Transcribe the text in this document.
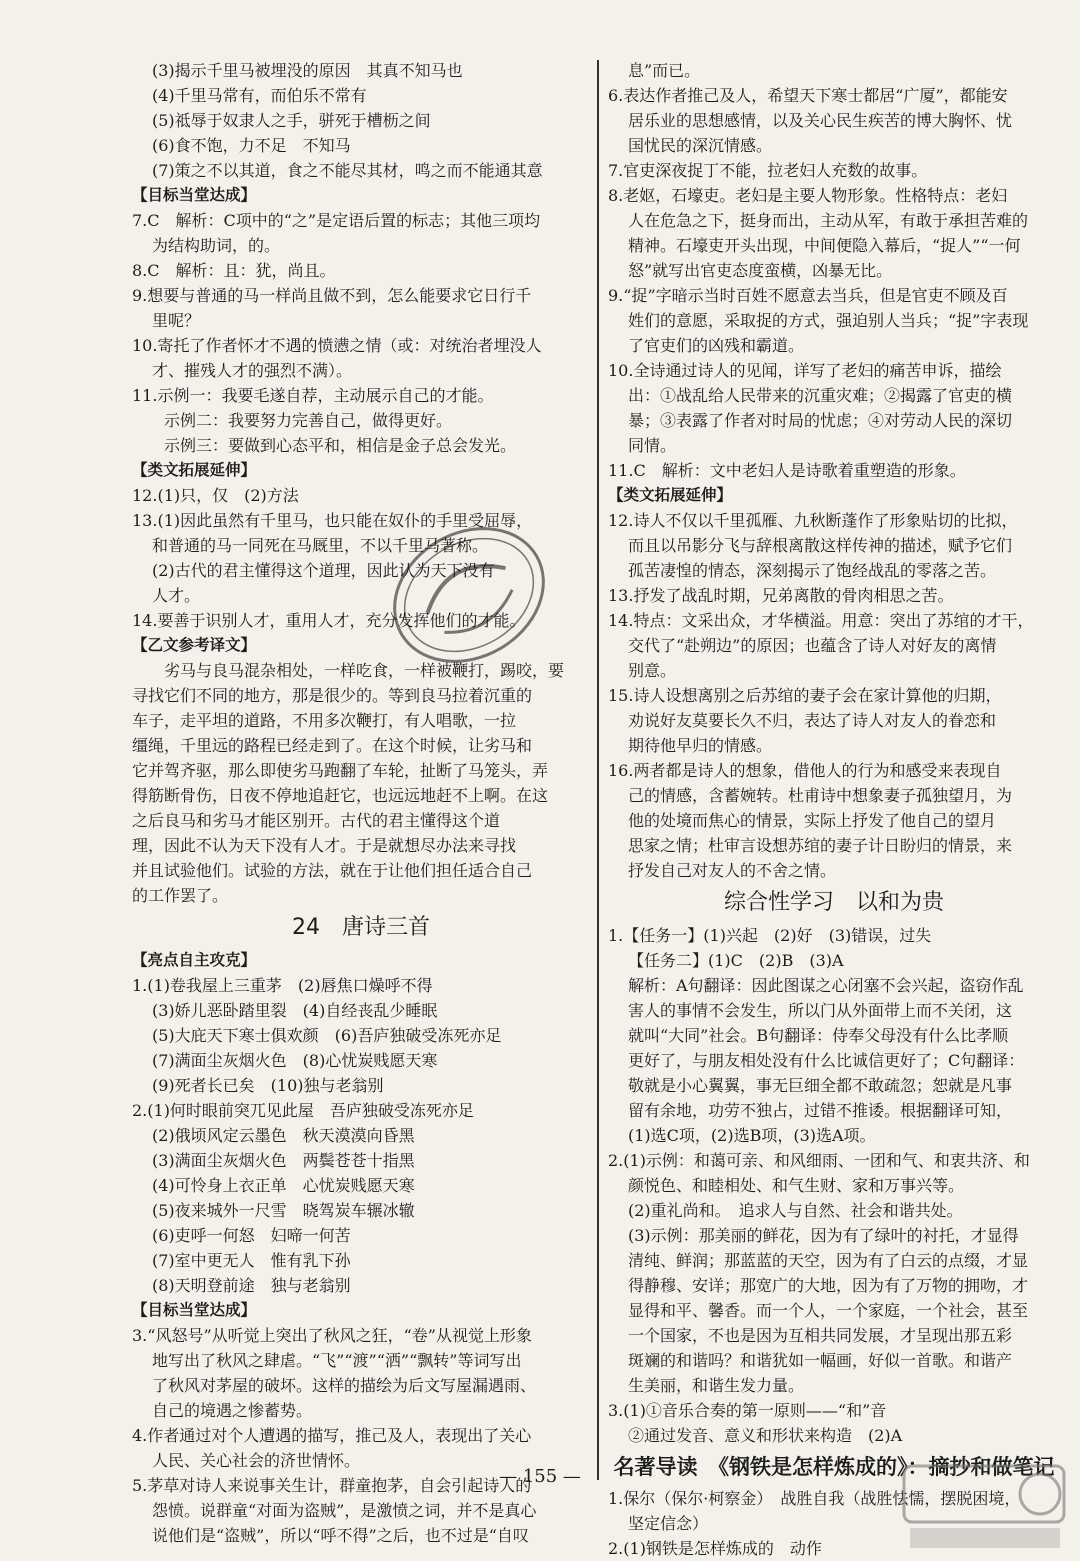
(3)揭示千里马被埋没的原因　其真不知马也
(4)千里马常有，而伯乐不常有
(5)祗辱于奴隶人之手，骈死于槽枥之间
(6)食不饱，力不足　不知马
(7)策之不以其道，食之不能尽其材，鸣之而不能通其意
【目标当堂达成】
7.C　解析：C项中的“之”是定语后置的标志；其他三项均
为结构助词，的。
8.C　解析：且：犹，尚且。
9.想要与普通的马一样尚且做不到，怎么能要求它日行千
里呢？
10.寄托了作者怀才不遇的愤懑之情（或：对统治者埋没人
才、摧残人才的强烈不满）。
11.示例一：我要毛遂自荐，主动展示自己的才能。
示例二：我要努力完善自己，做得更好。
示例三：要做到心态平和，相信是金子总会发光。
【类文拓展延伸】
12.(1)只，仅　(2)方法
13.(1)因此虽然有千里马，也只能在奴仆的手里受屈辱，
和普通的马一同死在马厩里，不以千里马著称。
(2)古代的君主懂得这个道理，因此认为天下没有
人才。
14.要善于识别人才，重用人才，充分发挥他们的才能。
【乙文参考译文】
劣马与良马混杂相处，一样吃食，一样被鞭打，踢咬，要
寻找它们不同的地方，那是很少的。等到良马拉着沉重的
车子，走平坦的道路，不用多次鞭打，有人唱歌，一拉
缰绳，千里远的路程已经走到了。在这个时候，让劣马和
它并驾齐驱，那么即使劣马跑翻了车轮，扯断了马笼头，弄
得筋断骨伤，日夜不停地追赶它，也远远地赶不上啊。在这
之后良马和劣马才能区别开。古代的君主懂得这个道
理，因此不认为天下没有人才。于是就想尽办法来寻找
并且试验他们。试验的方法，就在于让他们担任适合自己
的工作罢了。
24　唐诗三首
【亮点自主攻克】
1.(1)卷我屋上三重茅　(2)唇焦口燥呼不得
(3)娇儿恶卧踏里裂　(4)自经丧乱少睡眠
(5)大庇天下寒士俱欢颜　(6)吾庐独破受冻死亦足
(7)满面尘灰烟火色　(8)心忧炭贱愿天寒
(9)死者长已矣　(10)独与老翁别
2.(1)何时眼前突兀见此屋　吾庐独破受冻死亦足
(2)俄顷风定云墨色　秋天漠漠向昏黑
(3)满面尘灰烟火色　两鬓苍苍十指黑
(4)可怜身上衣正单　心忧炭贱愿天寒
(5)夜来城外一尺雪　晓驾炭车辗冰辙
(6)吏呼一何怒　妇啼一何苦
(7)室中更无人　惟有乳下孙
(8)天明登前途　独与老翁别
【目标当堂达成】
3.“风怒号”从听觉上突出了秋风之狂，“卷”从视觉上形象
地写出了秋风之肆虐。“飞”“渡”“洒”“飘转”等词写出
了秋风对茅屋的破坏。这样的描绘为后文写屋漏遇雨、
自己的境遇之惨蓄势。
4.作者通过对个人遭遇的描写，推己及人，表现出了关心
人民、关心社会的济世情怀。
5.茅草对诗人来说事关生计，群童抱茅，自会引起诗人的
怨愤。说群童“对面为盗贼”，是激愤之词，并不是真心
说他们是“盗贼”，所以“呼不得”之后，也不过是“自叹
息”而已。
6.表达作者推己及人，希望天下寒士都居“广厦”，都能安
居乐业的思想感情，以及关心民生疾苦的博大胸怀、忧
国忧民的深沉情感。
7.官吏深夜捉丁不能，拉老妇人充数的故事。
8.老妪，石壕吏。老妇是主要人物形象。性格特点：老妇
人在危急之下，挺身而出，主动从军，有敢于承担苦难的
精神。石壕吏开头出现，中间便隐入幕后，“捉人”“一何
怒”就写出官吏态度蛮横，凶暴无比。
9.“捉”字暗示当时百姓不愿意去当兵，但是官吏不顾及百
姓们的意愿，采取捉的方式，强迫别人当兵；“捉”字表现
了官吏们的凶残和霸道。
10.全诗通过诗人的见闻，详写了老妇的痛苦申诉，描绘
出：①战乱给人民带来的沉重灾难；②揭露了官吏的横
暴；③表露了作者对时局的忧虑；④对劳动人民的深切
同情。
11.C　解析：文中老妇人是诗歌着重塑造的形象。
【类文拓展延伸】
12.诗人不仅以千里孤雁、九秋断蓬作了形象贴切的比拟，
而且以吊影分飞与辞根离散这样传神的描述，赋予它们
孤苦凄惶的情态，深刻揭示了饱经战乱的零落之苦。
13.抒发了战乱时期，兄弟离散的骨肉相思之苦。
14.特点：文采出众，才华横溢。用意：突出了苏绾的才干，
交代了“赴朔边”的原因；也蕴含了诗人对好友的离情
别意。
15.诗人设想离别之后苏绾的妻子会在家计算他的归期，
劝说好友莫要长久不归，表达了诗人对友人的眷恋和
期待他早归的情感。
16.两者都是诗人的想象，借他人的行为和感受来表现自
己的情感，含蓄婉转。杜甫诗中想象妻子孤独望月，为
他的处境而焦心的情景，实际上抒发了他自己的望月
思家之情；杜审言设想苏绾的妻子计日盼归的情景，来
抒发自己对友人的不舍之情。
综合性学习　以和为贵
1.【任务一】(1)兴起　(2)好　(3)错误，过失
【任务二】(1)C　(2)B　(3)A
解析：A句翻译：因此图谋之心闭塞不会兴起，盗窃作乱
害人的事情不会发生，所以门从外面带上而不关闭，这
就叫“大同”社会。B句翻译：侍奉父母没有什么比孝顺
更好了，与朋友相处没有什么比诚信更好了；C句翻译：
敬就是小心翼翼，事无巨细全都不敢疏忽；恕就是凡事
留有余地，功劳不独占，过错不推诿。根据翻译可知，
(1)选C项，(2)选B项，(3)选A项。
2.(1)示例：和蔼可亲、和风细雨、一团和气、和衷共济、和
颜悦色、和睦相处、和气生财、家和万事兴等。
(2)重礼尚和。　追求人与自然、社会和谐共处。
(3)示例：那美丽的鲜花，因为有了绿叶的衬托，才显得
清纯、鲜润；那蓝蓝的天空，因为有了白云的点缀，才显
得静穆、安详；那宽广的大地，因为有了万物的拥吻，才
显得和平、馨香。而一个人，一个家庭，一个社会，甚至
一个国家，不也是因为互相共同发展，才呈现出那五彩
斑斓的和谐吗？和谐犹如一幅画，好似一首歌。和谐产
生美丽，和谐生发力量。
3.(1)①音乐合奏的第一原则——“和”音
②通过发音、意义和形状来构造　(2)A
名著导读　《钢铁是怎样炼成的》：摘抄和做笔记
1.保尔（保尔·柯察金）　战胜自我（战胜怯懦，摆脱困境，
坚定信念）
2.(1)钢铁是怎样炼成的　动作
— 155 —
